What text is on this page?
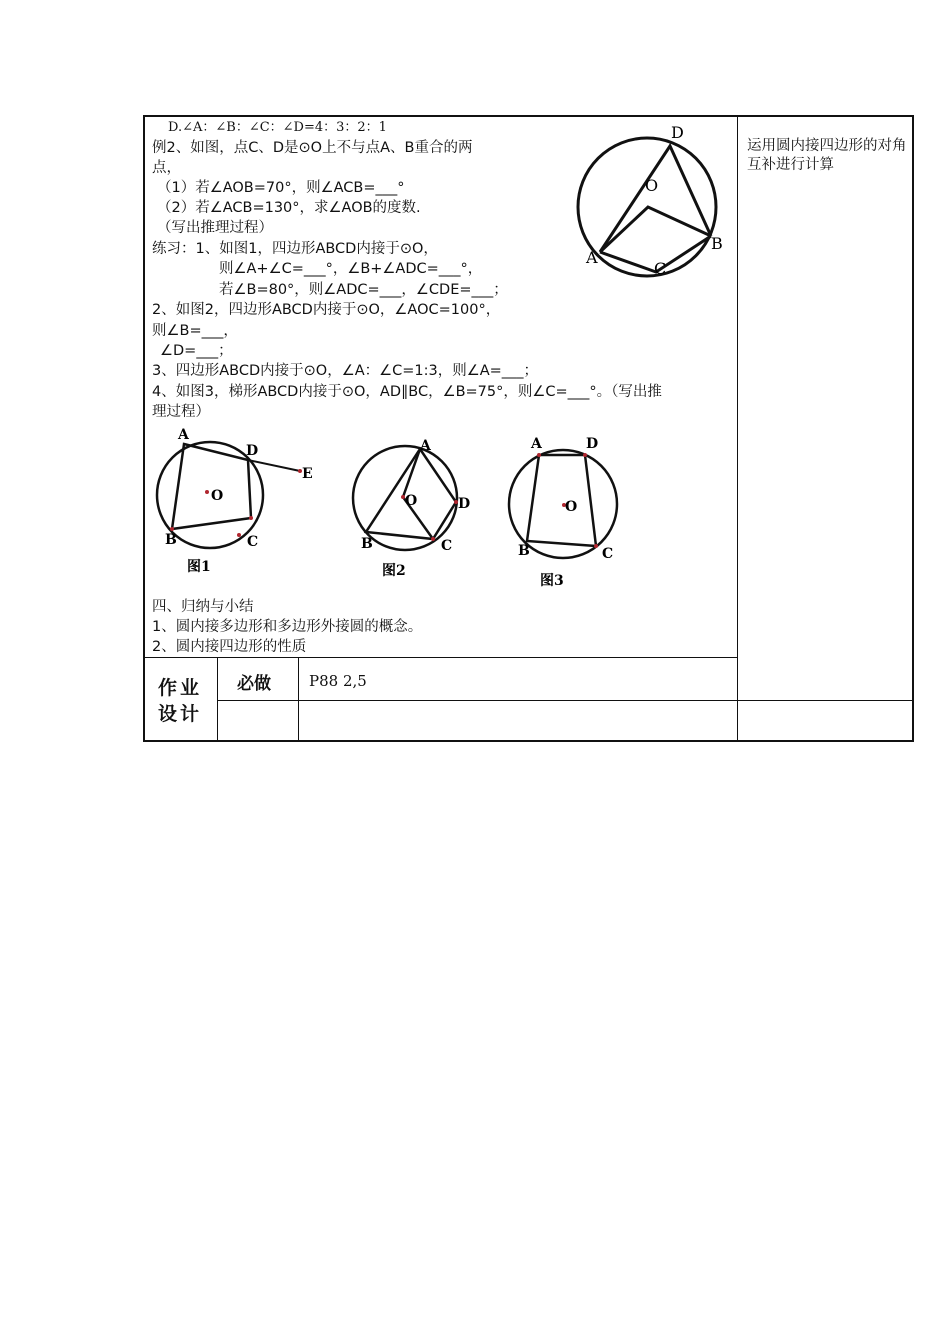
D.∠A：∠B：∠C：∠D=4：3：2：1
例2、如图，点C、D是⊙O上不与点A、B重合的两
点，
（1）若∠AOB=70°，则∠ACB=___°
（2）若∠ACB=130°，求∠AOB的度数.
（写出推理过程）
练习：1、如图1，四边形ABCD内接于⊙O，
则∠A+∠C=___°，∠B+∠ADC=___°，
若∠B=80°，则∠ADC=___，∠CDE=___；
2、如图2，四边形ABCD内接于⊙O，∠AOC=100°，
则∠B=___，
∠D=___；
3、四边形ABCD内接于⊙O，∠A：∠C=1:3，则∠A=___；
4、如图3，梯形ABCD内接于⊙O，AD∥BC，∠B=75°，则∠C=___°。（写出推
理过程）
四、归纳与小结
1、圆内接多边形和多边形外接圆的概念。
2、圆内接四边形的性质
运用圆内接四边形的对角互补进行计算
作业
设计
必做	P88 2,5
D
O
A
C
B
A
D
E
O
B	C
图1
A
O	D
B	C
图2
A	D
O
B	C
图3
